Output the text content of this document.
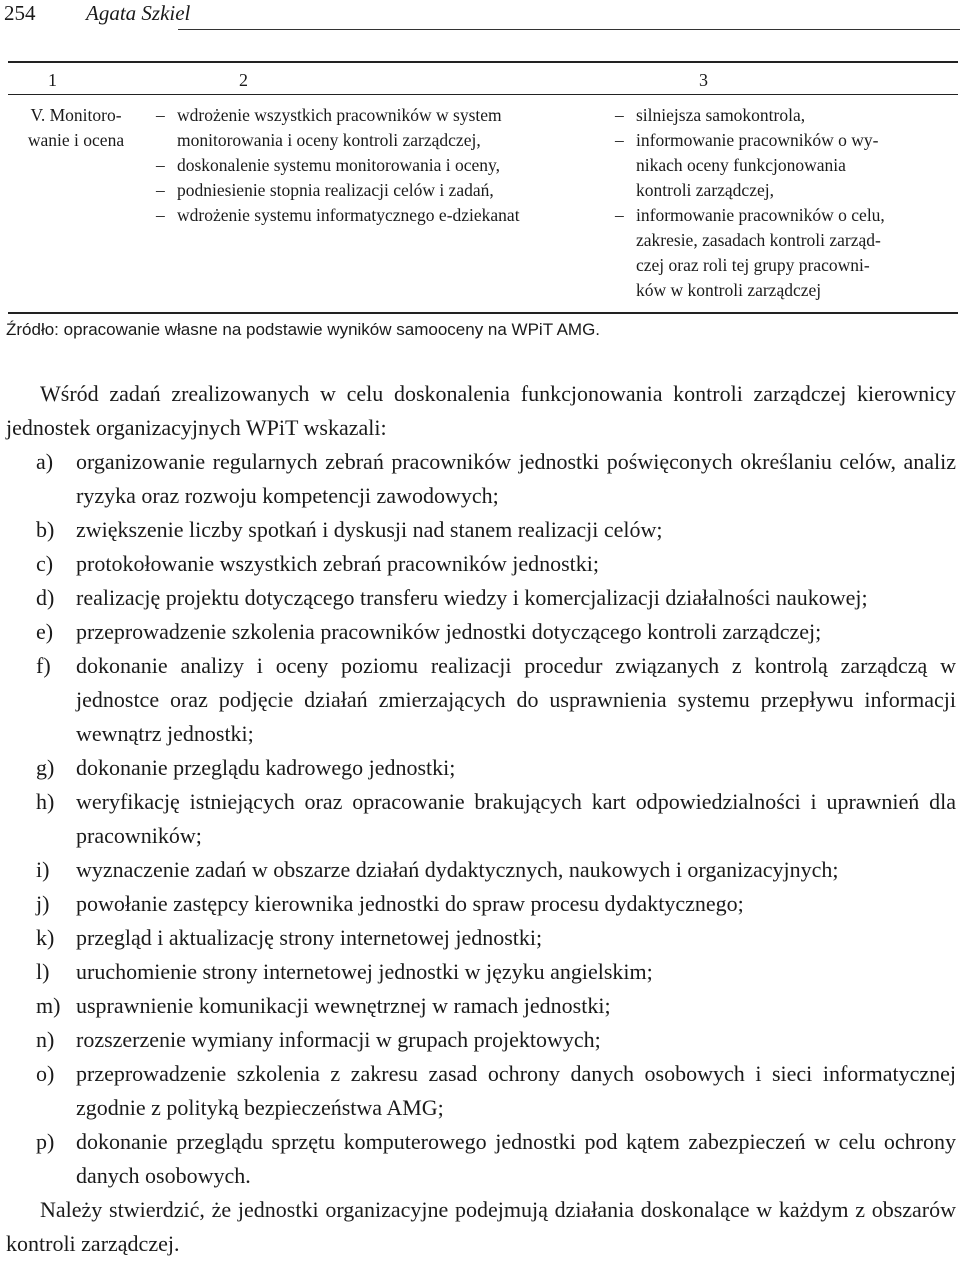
254 Agata Szkiel
1	2	3
V. Monitoro-
wanie i ocena
– wdrożenie wszystkich pracowników w system
monitorowania i oceny kontroli zarządczej,
– doskonalenie systemu monitorowania i oceny,
– podniesienie stopnia realizacji celów i zadań,
– wdrożenie systemu informatycznego e-dziekanat
– silniejsza samokontrola,
– informowanie pracowników o wy-
nikach oceny funkcjonowania
kontroli zarządczej,
– informowanie pracowników o celu,
zakresie, zasadach kontroli zarząd-
czej oraz roli tej grupy pracowni-
ków w kontroli zarządczej
Źródło: opracowanie własne na podstawie wyników samooceny na WPiT AMG.

Wśród zadań zrealizowanych w celu doskonalenia funkcjonowania kontroli zarządczej kierownicy jednostek organizacyjnych WPiT wskazali:

a) organizowanie regularnych zebrań pracowników jednostki poświęconych określaniu celów, analiz ryzyka oraz rozwoju kompetencji zawodowych;
b) zwiększenie liczby spotkań i dyskusji nad stanem realizacji celów;
c) protokołowanie wszystkich zebrań pracowników jednostki;
d) realizację projektu dotyczącego transferu wiedzy i komercjalizacji działalności naukowej;
e) przeprowadzenie szkolenia pracowników jednostki dotyczącego kontroli zarządczej;
f) dokonanie analizy i oceny poziomu realizacji procedur związanych z kontrolą zarządczą w jednostce oraz podjęcie działań zmierzających do usprawnienia systemu przepływu informacji wewnątrz jednostki;
g) dokonanie przeglądu kadrowego jednostki;
h) weryfikację istniejących oraz opracowanie brakujących kart odpowiedzialności i uprawnień dla pracowników;
i) wyznaczenie zadań w obszarze działań dydaktycznych, naukowych i organizacyjnych;
j) powołanie zastępcy kierownika jednostki do spraw procesu dydaktycznego;
k) przegląd i aktualizację strony internetowej jednostki;
l) uruchomienie strony internetowej jednostki w języku angielskim;
m) usprawnienie komunikacji wewnętrznej w ramach jednostki;
n) rozszerzenie wymiany informacji w grupach projektowych;
o) przeprowadzenie szkolenia z zakresu zasad ochrony danych osobowych i sieci informatycznej zgodnie z polityką bezpieczeństwa AMG;
p) dokonanie przeglądu sprzętu komputerowego jednostki pod kątem zabezpieczeń w celu ochrony danych osobowych.

Należy stwierdzić, że jednostki organizacyjne podejmują działania doskonalące w każdym z obszarów kontroli zarządczej.
